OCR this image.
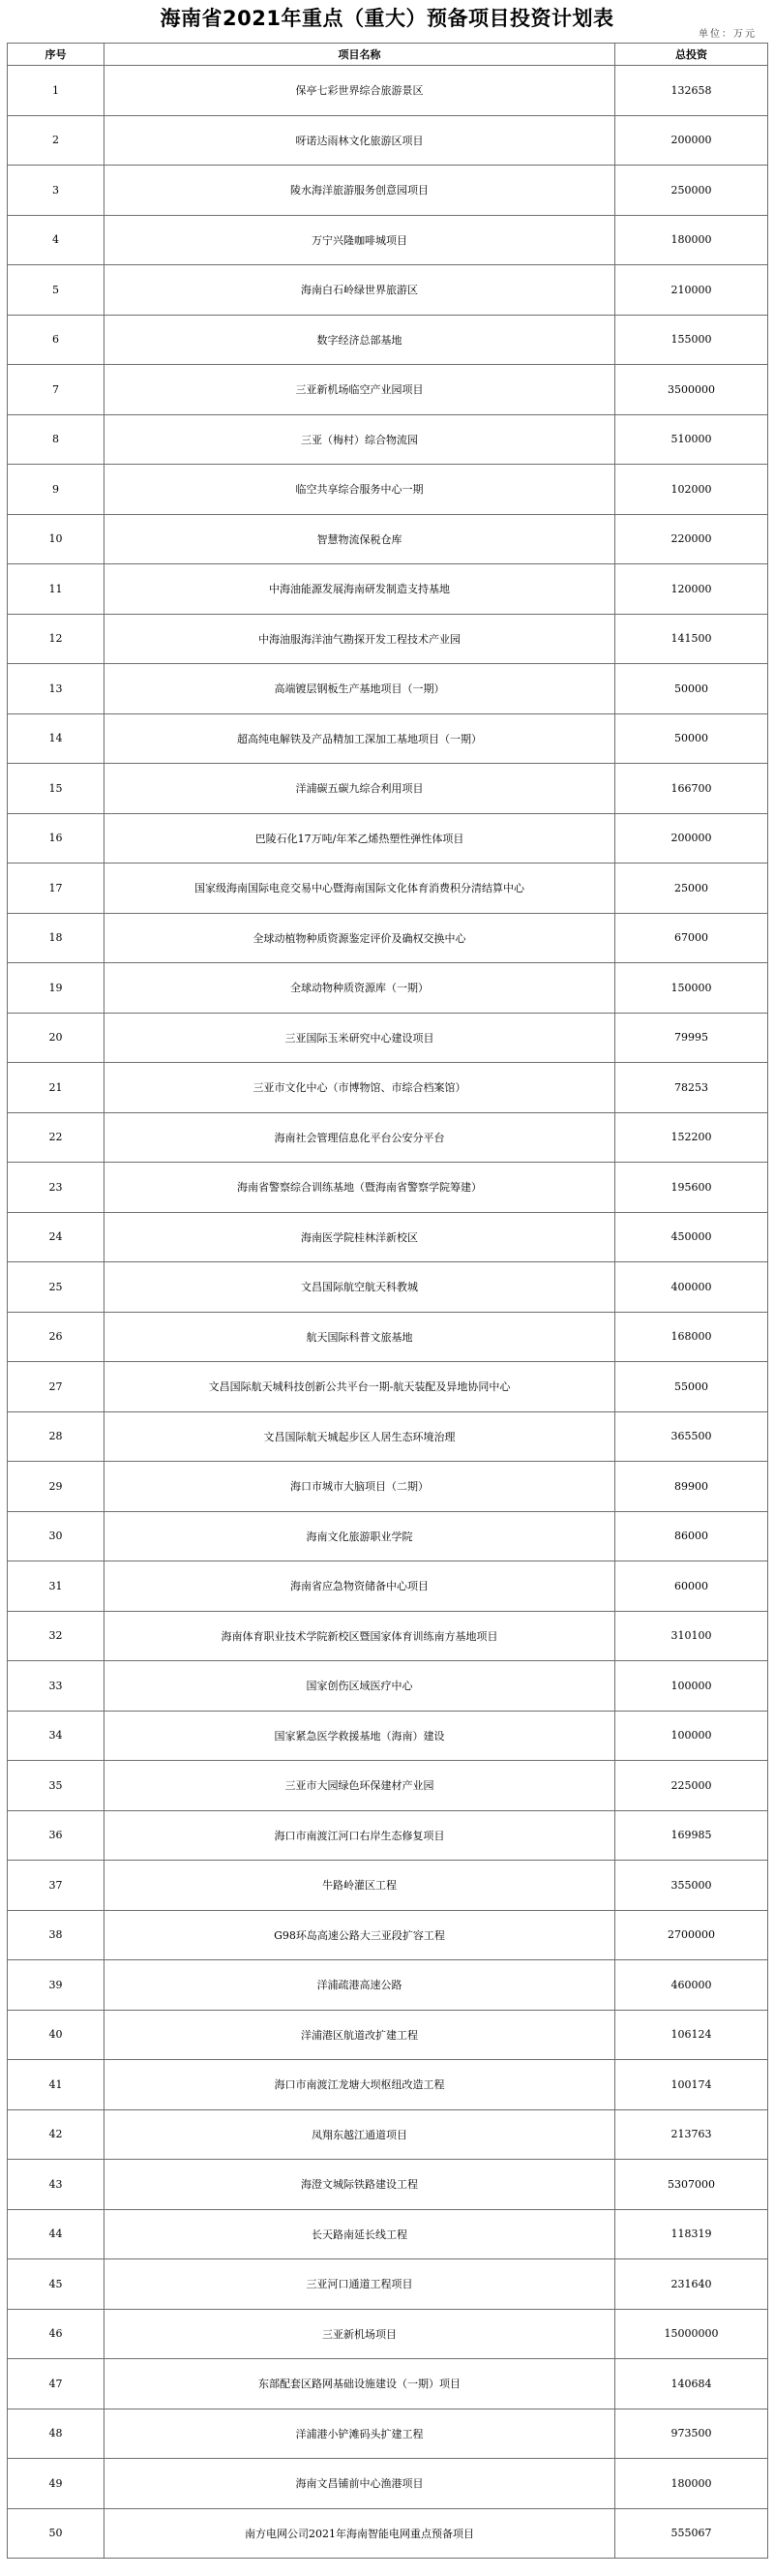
海南省2021年重点（重大）预备项目投资计划表
单位：万元
序号	项目名称	总投资
1	保亭七彩世界综合旅游景区	132658
2	呀诺达雨林文化旅游区项目	200000
3	陵水海洋旅游服务创意园项目	250000
4	万宁兴隆咖啡城项目	180000
5	海南白石岭绿世界旅游区	210000
6	数字经济总部基地	155000
7	三亚新机场临空产业园项目	3500000
8	三亚（梅村）综合物流园	510000
9	临空共享综合服务中心一期	102000
10	智慧物流保税仓库	220000
11	中海油能源发展海南研发制造支持基地	120000
12	中海油服海洋油气勘探开发工程技术产业园	141500
13	高端镀层钢板生产基地项目（一期）	50000
14	超高纯电解铁及产品精加工深加工基地项目（一期）	50000
15	洋浦碳五碳九综合利用项目	166700
16	巴陵石化17万吨/年苯乙烯热塑性弹性体项目	200000
17	国家级海南国际电竞交易中心暨海南国际文化体育消费积分清结算中心	25000
18	全球动植物种质资源鉴定评价及确权交换中心	67000
19	全球动物种质资源库（一期）	150000
20	三亚国际玉米研究中心建设项目	79995
21	三亚市文化中心（市博物馆、市综合档案馆）	78253
22	海南社会管理信息化平台公安分平台	152200
23	海南省警察综合训练基地（暨海南省警察学院筹建）	195600
24	海南医学院桂林洋新校区	450000
25	文昌国际航空航天科教城	400000
26	航天国际科普文旅基地	168000
27	文昌国际航天城科技创新公共平台一期-航天装配及异地协同中心	55000
28	文昌国际航天城起步区人居生态环境治理	365500
29	海口市城市大脑项目（二期）	89900
30	海南文化旅游职业学院	86000
31	海南省应急物资储备中心项目	60000
32	海南体育职业技术学院新校区暨国家体育训练南方基地项目	310100
33	国家创伤区域医疗中心	100000
34	国家紧急医学救援基地（海南）建设	100000
35	三亚市大园绿色环保建材产业园	225000
36	海口市南渡江河口右岸生态修复项目	169985
37	牛路岭灌区工程	355000
38	G98环岛高速公路大三亚段扩容工程	2700000
39	洋浦疏港高速公路	460000
40	洋浦港区航道改扩建工程	106124
41	海口市南渡江龙塘大坝枢纽改造工程	100174
42	凤翔东越江通道项目	213763
43	海澄文城际铁路建设工程	5307000
44	长天路南延长线工程	118319
45	三亚河口通道工程项目	231640
46	三亚新机场项目	15000000
47	东部配套区路网基础设施建设（一期）项目	140684
48	洋浦港小铲滩码头扩建工程	973500
49	海南文昌铺前中心渔港项目	180000
50	南方电网公司2021年海南智能电网重点预备项目	555067
